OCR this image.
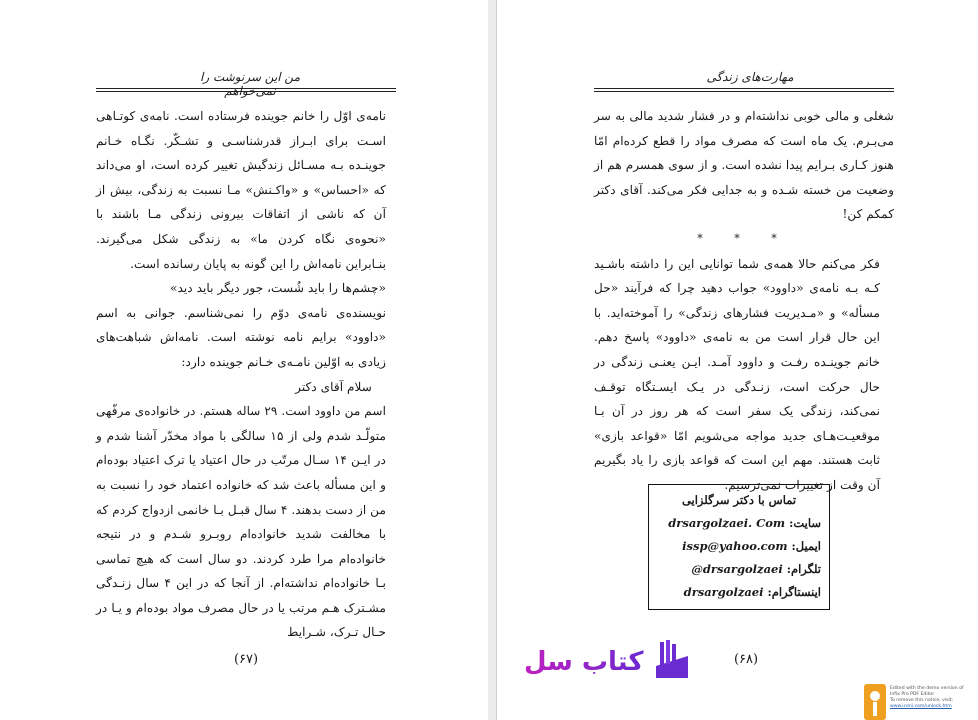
من این سرنوشت را نمی‌خواهم

نامه‌ی اوّل را خانم جوینده فرستاده است. نامه‌ی کوتـاهی اسـت برای ابـراز قدرشناسـی و تشـکّر. نگـاه خـانم جوینـده بـه مسـائل زندگیش تغییر کرده است، او می‌داند که «احساس» و «واکـنش» مـا نسبت به زندگی، بیش از آن که ناشی از اتفاقات بیرونی زندگی مـا باشند با «نحوه‌ی نگاه کردن ما» به زندگی شکل می‌گیرند. بنـابراین نامه‌اش را این گونه به پایان رسانده است.

«چشم‌ها را باید شُست، جور دیگر باید دید»

نویسنده‌ی نامه‌ی دوّم را نمی‌شناسم. جوانی به اسم «داوود» برایم نامه نوشته است. نامه‌اش شباهت‌های زیادی به اوّلین نامـه‌ی خـانم جوینده دارد:

سلام آقای دکتر

اسم من داوود است. ۲۹ ساله هستم. در خانواده‌ی مرفّهی متولّـد شدم ولی از ۱۵ سالگی با مواد مخدّر آشنا شدم و در ایـن ۱۴ سـال مرتّب در حال اعتیاد یا ترک اعتیاد بوده‌ام و این مسأله باعث شد که خانواده اعتماد خود را نسبت به من از دست بدهند. ۴ سال قبـل بـا خانمی ازدواج کردم که با مخالفت شدید خانواده‌ام روبـرو شـدم و در نتیجه خانواده‌ام مرا طرد کردند. دو سال است که هیچ تماسی بـا خانواده‌ام نداشته‌ام. از آنجا که در این ۴ سال زنـدگی مشـترک هـم مرتب یا در حال مصرف مواد بوده‌ام و یـا در حـال تـرک، شـرایط

(۶۷)
مهارت‌های زندگی

شغلی و مالی خوبی نداشته‌ام و در فشار شدید مالی به سر می‌بـرم. یک ماه است که مصرف مواد را قطع کرده‌ام امّا هنوز کـاری بـرایم پیدا نشده است. و از سوی همسرم هم از وضعیت من خسته شـده و به جدایی فکر می‌کند. آقای دکتر کمکم کن!

* * *

فکر می‌کنم حالا همه‌ی شما توانایی این را داشته باشـید کـه بـه نامه‌ی «داوود» جواب دهید چرا که فرآیند «حل مسأله» و «مـدیریت فشارهای زندگی» را آموخته‌اید. با این حال قرار است من به نامه‌ی «داوود» پاسخ دهم. خانم جوینـده رفـت و داوود آمـد. ایـن یعنـی زندگی در حال حرکت است، زنـدگی در یـک ایسـتگاه توقـف نمی‌کند، زندگی یک سفر است که هر روز در آن بـا موقعیـت‌هـای جدید مواجه می‌شویم امّا «قواعد بازی» ثابت هستند. مهم این است که قواعد بازی را یاد بگیریم آن وقت از تغییرات نمی‌ترسیم.

تماس با دکتر سرگلزایی
سایت: drsargolzaei. Com
ایمیل: issp@yahoo.com
تلگرام: @drsargolzaei
اینستاگرام: drsargolzaei
کتاب سل	(۶۸)
Edited with the demo version of
Infix Pro PDF Editor
To remove this notice, visit:
www.iceni.com/unlock.htm
